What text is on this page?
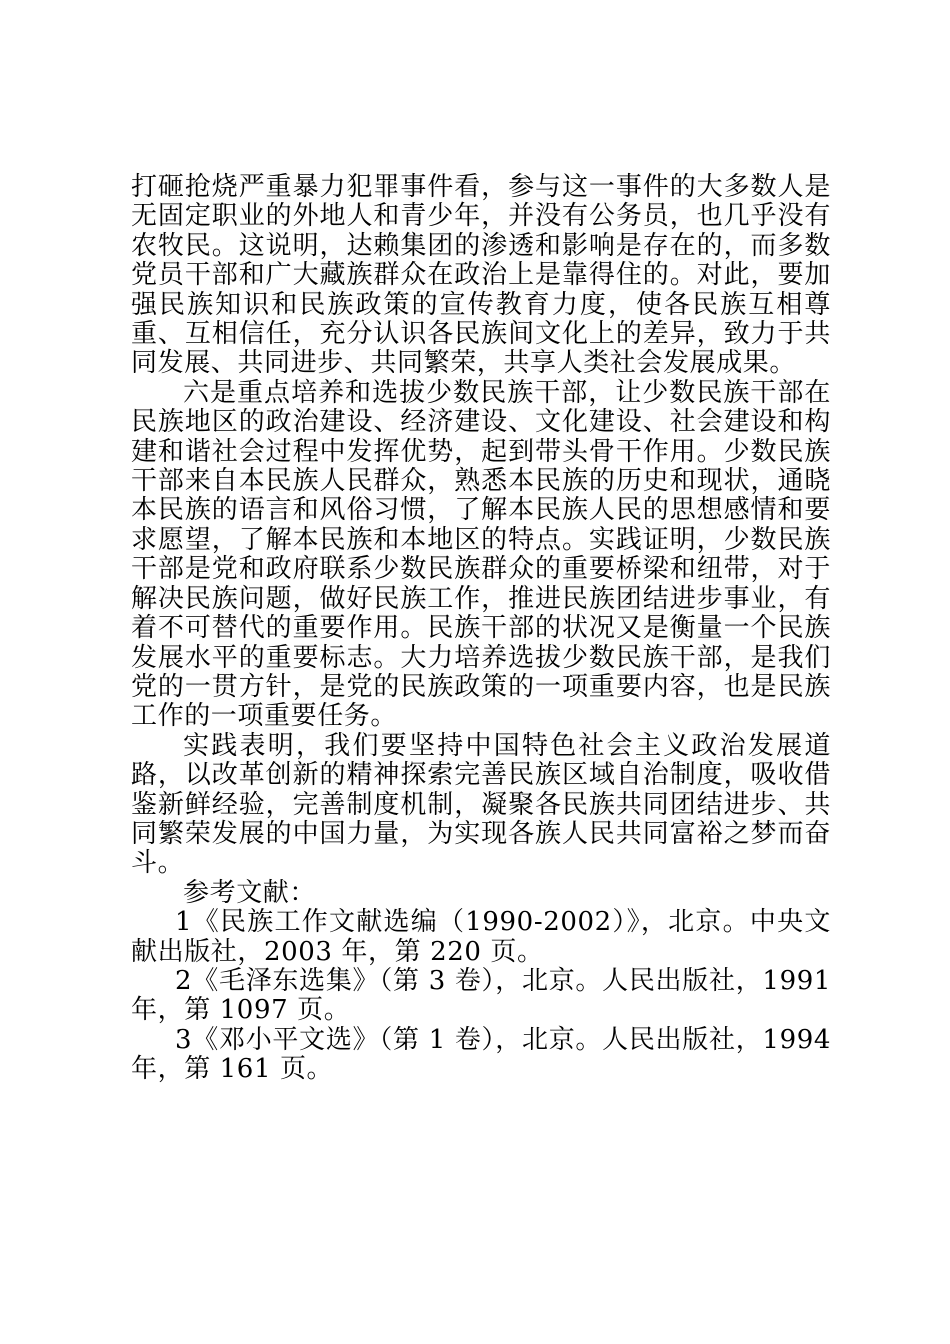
打砸抢烧严重暴力犯罪事件看，参与这一事件的大多数人是无固定职业的外地人和青少年，并没有公务员，也几乎没有农牧民。这说明，达赖集团的渗透和影响是存在的，而多数党员干部和广大藏族群众在政治上是靠得住的。对此，要加强民族知识和民族政策的宣传教育力度，使各民族互相尊重、互相信任，充分认识各民族间文化上的差异，致力于共同发展、共同进步、共同繁荣，共享人类社会发展成果。

六是重点培养和选拔少数民族干部，让少数民族干部在民族地区的政治建设、经济建设、文化建设、社会建设和构建和谐社会过程中发挥优势，起到带头骨干作用。少数民族干部来自本民族人民群众，熟悉本民族的历史和现状，通晓本民族的语言和风俗习惯，了解本民族人民的思想感情和要求愿望，了解本民族和本地区的特点。实践证明，少数民族干部是党和政府联系少数民族群众的重要桥梁和纽带，对于解决民族问题，做好民族工作，推进民族团结进步事业，有着不可替代的重要作用。民族干部的状况又是衡量一个民族发展水平的重要标志。大力培养选拔少数民族干部，是我们党的一贯方针，是党的民族政策的一项重要内容，也是民族工作的一项重要任务。

实践表明，我们要坚持中国特色社会主义政治发展道路，以改革创新的精神探索完善民族区域自治制度，吸收借鉴新鲜经验，完善制度机制，凝聚各民族共同团结进步、共同繁荣发展的中国力量，为实现各族人民共同富裕之梦而奋斗。

参考文献：

1《民族工作文献选编（1990-2002）》，北京。中央文献出版社，2003 年，第 220 页。

2《毛泽东选集》（第 3 卷），北京。人民出版社，1991 年，第 1097 页。

3《邓小平文选》（第 1 卷），北京。人民出版社，1994 年，第 161 页。
